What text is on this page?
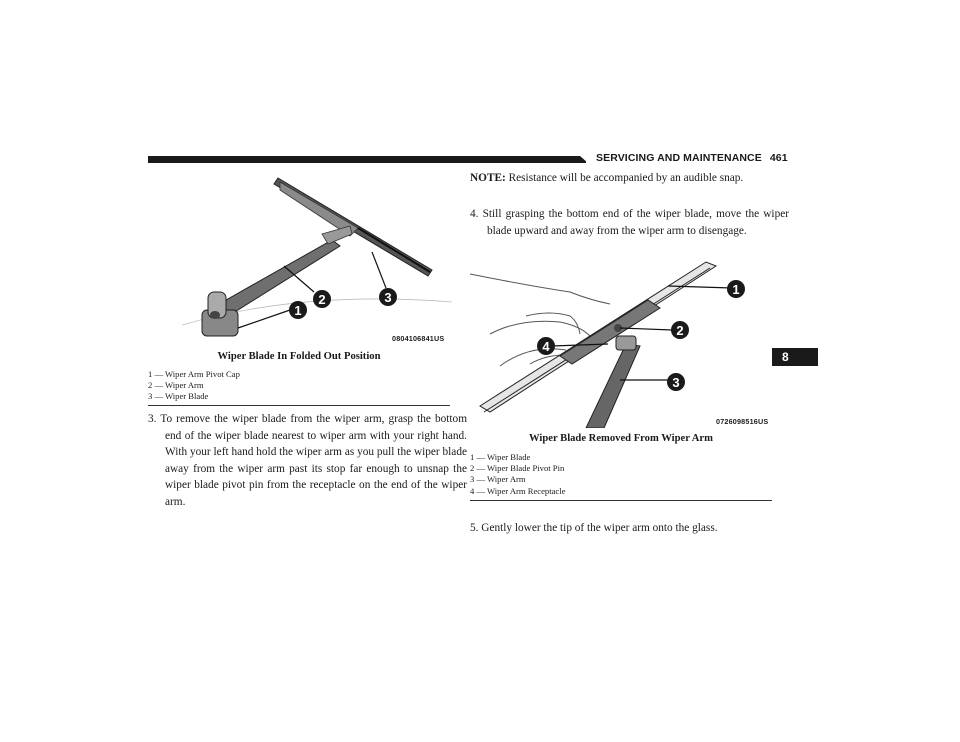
SERVICING AND MAINTENANCE 461
8
1
2	3
0804106841US
Wiper Blade In Folded Out Position
1 — Wiper Arm Pivot Cap
2 — Wiper Arm
3 — Wiper Blade
3. To remove the wiper blade from the wiper arm, grasp the bottom end of the wiper blade nearest to wiper arm with your right hand. With your left hand hold the wiper arm as you pull the wiper blade away from the wiper arm past its stop far enough to unsnap the wiper blade pivot pin from the receptacle on the end of the wiper arm.
NOTE: Resistance will be accompanied by an audible snap.
4. Still grasping the bottom end of the wiper blade, move the wiper blade upward and away from the wiper arm to disengage.
1
2
3
4
0726098516US
Wiper Blade Removed From Wiper Arm
1 — Wiper Blade
2 — Wiper Blade Pivot Pin
3 — Wiper Arm
4 — Wiper Arm Receptacle
5. Gently lower the tip of the wiper arm onto the glass.
